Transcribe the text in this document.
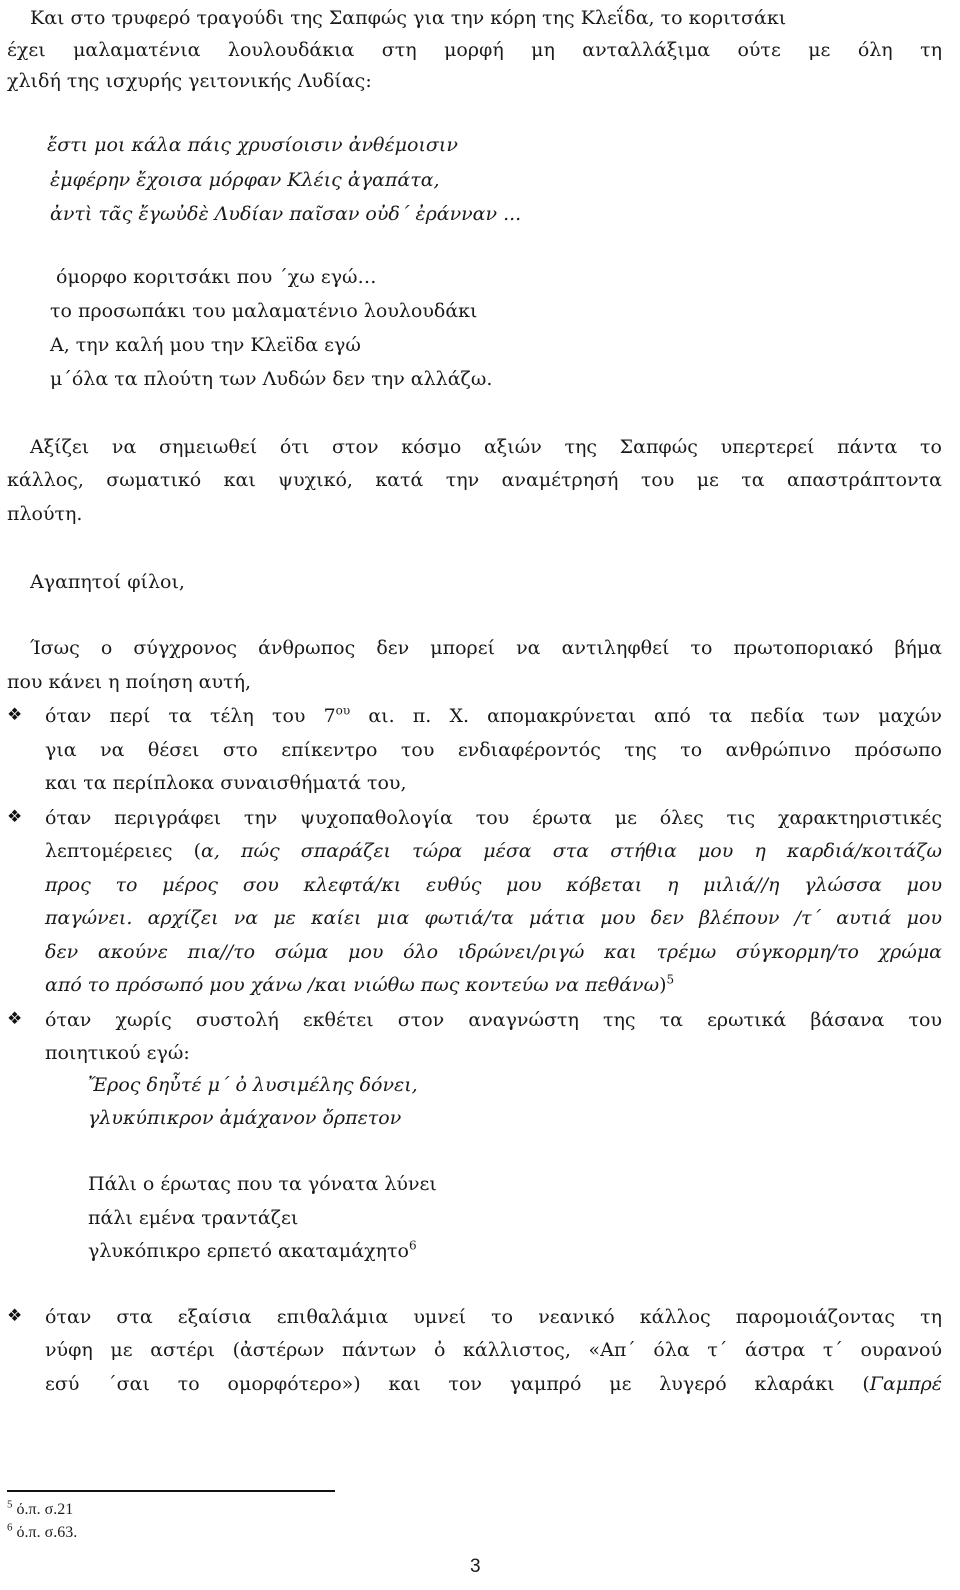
Και στο τρυφερό τραγούδι της Σαπφώς για την κόρη της Κλεΐδα, το κοριτσάκι
έχει μαλαματένια λουλουδάκια στη μορφή μη ανταλλάξιμα ούτε με όλη τη
χλιδή της ισχυρής γειτονικής Λυδίας:
ἔστι μοι κάλα πάις χρυσίοισιν ἀνθέμοισιν
ἐμφέρην ἔχοισα μόρφαν Κλέις ἀγαπάτα,
ἀντὶ τᾶς ἔγωὐδὲ Λυδίαν παῖσαν οὐδ΄ ἐράνναν ...
όμορφο κοριτσάκι που ΄χω εγώ…
το προσωπάκι του μαλαματένιο λουλουδάκι
Α, την καλή μου την Κλεϊδα εγώ
μ΄όλα τα πλούτη των Λυδών δεν την αλλάζω.
Αξίζει να σημειωθεί ότι στον κόσμο αξιών της Σαπφώς υπερτερεί πάντα το
κάλλος, σωματικό και ψυχικό, κατά την αναμέτρησή του με τα απαστράπτοντα
πλούτη.
Αγαπητοί φίλοι,
Ίσως ο σύγχρονος άνθρωπος δεν μπορεί να αντιληφθεί το πρωτοποριακό βήμα
που κάνει η ποίηση αυτή,
❖ όταν περί τα τέλη του $7^{o\upsilon}$ αι. π. Χ. απομακρύνεται από τα πεδία των μαχών
για να θέσει στο επίκεντρο του ενδιαφέροντός της το ανθρώπινο πρόσωπο
και τα περίπλοκα συναισθήματά του,
❖ όταν περιγράφει την ψυχοπαθολογία του έρωτα με όλες τις χαρακτηριστικές
λεπτομέρειες (α, πώς σπαράζει τώρα μέσα στα στήθια μου η καρδιά/κοιτάζω
προς το μέρος σου κλεφτά/κι ευθύς μου κόβεται η μιλιά//η γλώσσα μου
παγώνει. αρχίζει να με καίει μια φωτιά/τα μάτια μου δεν βλέπουν /τ΄ αυτιά μου
δεν ακούνε πια//το σώμα μου όλο ιδρώνει/ριγώ και τρέμω σύγκορμη/το χρώμα
από το πρόσωπό μου χάνω /και νιώθω πως κοντεύω να πεθάνω)$^5$
❖ όταν χωρίς συστολή εκθέτει στον αναγνώστη της τα ερωτικά βάσανα του
ποιητικού εγώ:
Ἔρος δηὖτέ μ΄ ὀ λυσιμέλης δόνει,
γλυκύπικρον ἀμάχανον ὄρπετον
Πάλι ο έρωτας που τα γόνατα λύνει
πάλι εμένα τραντάζει
γλυκόπικρο ερπετό ακαταμάχητο$^6$
❖ όταν στα εξαίσια επιθαλάμια υμνεί το νεανικό κάλλος παρομοιάζοντας τη
νύφη με αστέρι (ἀστέρων πάντων ὀ κάλλιστος, «Απ΄ όλα τ΄ άστρα τ΄ ουρανού
εσύ ΄σαι το ομορφότερο») και τον γαμπρό με λυγερό κλαράκι (Γαμπρέ
$^5$ ό.π. σ.21
$^6$ ό.π. σ.63.
3
